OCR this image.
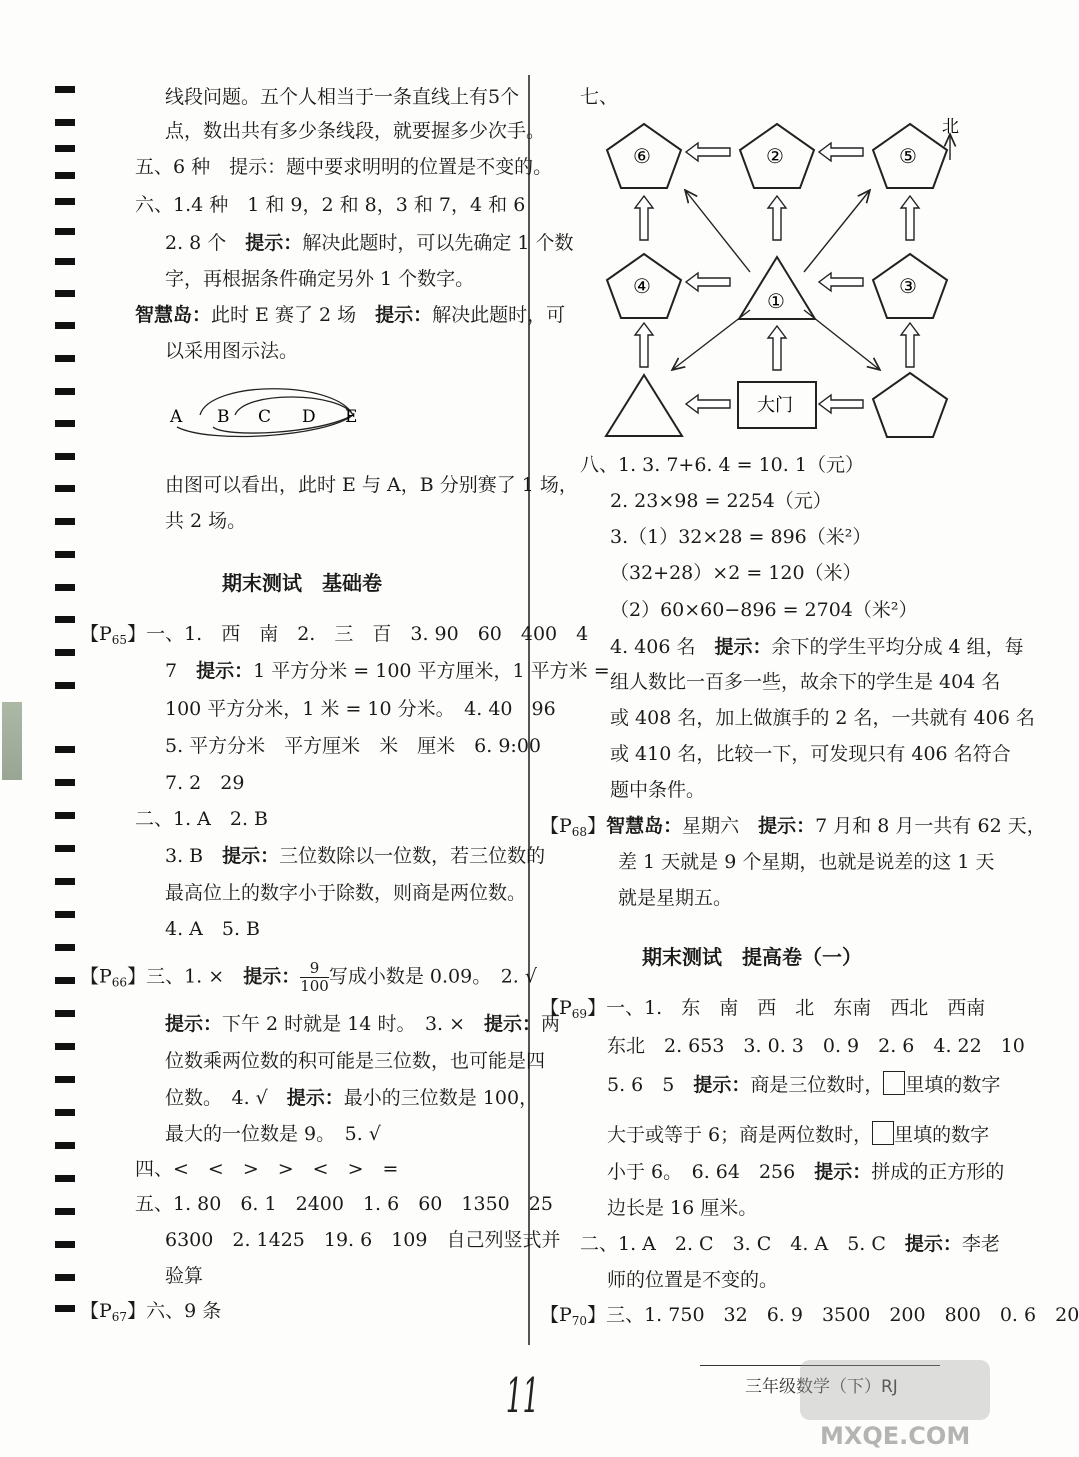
线段问题。五个人相当于一条直线上有5个
点，数出共有多少条线段，就要握多少次手。
五、6 种　提示：题中要求明明的位置是不变的。
六、1.4 种　1 和 9，2 和 8，3 和 7，4 和 6
2. 8 个　提示：解决此题时，可以先确定 1 个数
字，再根据条件确定另外 1 个数字。
智慧岛：此时 E 赛了 2 场　提示：解决此题时，可
以采用图示法。
A B C D E
由图可以看出，此时 E 与 A，B 分别赛了 1 场，
共 2 场。
期末测试　基础卷
【$P_{65}$】一、1.　西　南　2.　三　百　3. 90　60　400　4
7　提示：1 平方分米 = 100 平方厘米，1 平方米 =
100 平方分米，1 米 = 10 分米。　4. 40　96
5. 平方分米　平方厘米　米　厘米　6. 9:00
7. 2　29
二、1. A　2. B
3. B　提示：三位数除以一位数，若三位数的
最高位上的数字小于除数，则商是两位数。
4. A　5. B
【$P_{66}$】三、1. ×　提示： $\frac{9}{100}$ 写成小数是 0.09。　2. √
提示：下午 2 时就是 14 时。　3. ×　提示：两
位数乘两位数的积可能是三位数，也可能是四
位数。　4. √　提示：最小的三位数是 100，
最大的一位数是 9。　5. √
四、<　<　>　>　<　>　=
五、1. 80　6. 1　2400　1. 6　60　1350　25
6300　2. 1425　19. 6　109　自己列竖式并
验算
【$P_{67}$】六、9 条
七、
北
⑥	②	⑤
④
①
③
大门
八、1. 3. 7+6. 4 = 10. 1（元）
2. 23×98 = 2254（元）
3.（1）32×28 = 896（米²）
（32+28）×2 = 120（米）
（2）60×60−896 = 2704（米²）
4. 406 名　提示：余下的学生平均分成 4 组，每
组人数比一百多一些，故余下的学生是 404 名
或 408 名，加上做旗手的 2 名，一共就有 406 名
或 410 名，比较一下，可发现只有 406 名符合
题中条件。
【$P_{68}$】智慧岛：星期六　提示：7 月和 8 月一共有 62 天，
差 1 天就是 9 个星期，也就是说差的这 1 天
就是星期五。
期末测试　提高卷（一）
【$P_{69}$】一、1.　东　南　西　北　东南　西北　西南
东北　2. 653　3. 0. 3　0. 9　2. 6　4. 22　10
5. 6　5　提示：商是三位数时， 里填的数字
大于或等于 6；商是两位数时， 里填的数字
小于 6。　6. 64　256　提示：拼成的正方形的
边长是 16 厘米。
二、1. A　2. C　3. C　4. A　5. C　提示：李老
师的位置是不变的。
【$P_{70}$】三、1. 750　32　6. 9　3500　200　800　0. 6　20
11	三年级数学（下）RJ
MXQE.COM
